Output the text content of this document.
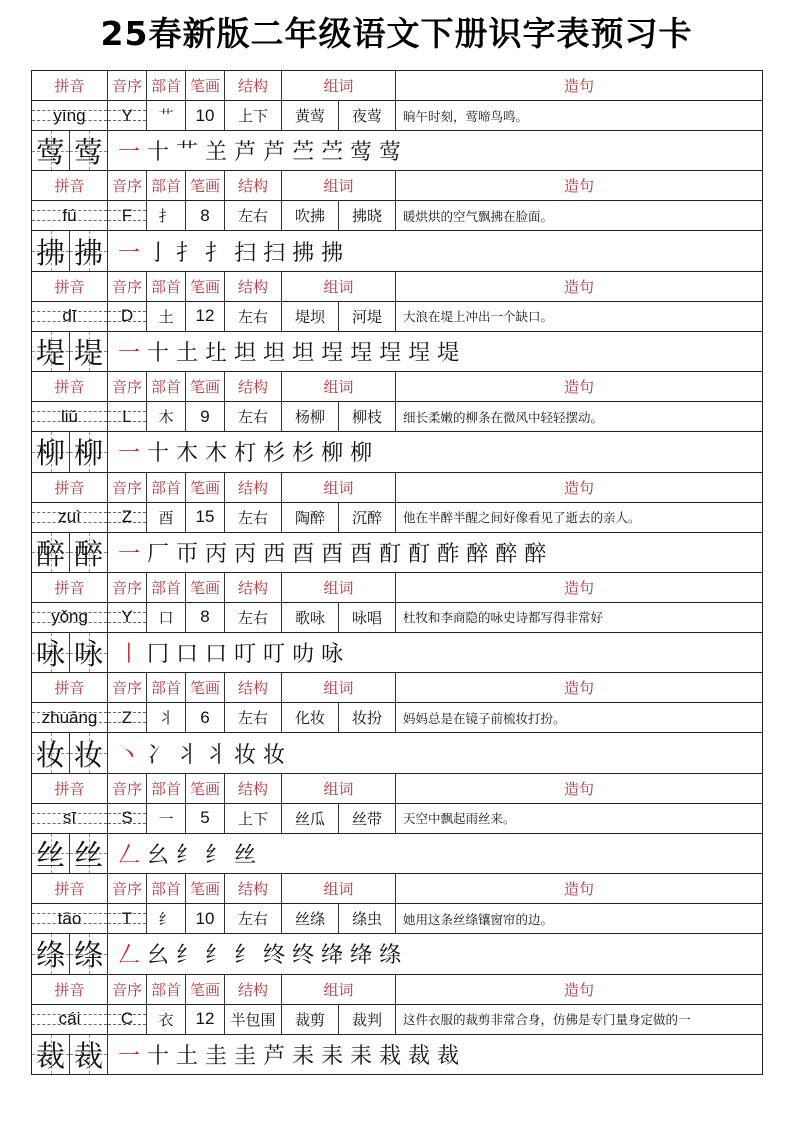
25春新版二年级语文下册识字表预习卡
拼音	音序 部首 笔画	结构	组词	造句
yīng Y	艹	10	上下	黄莺	夜莺	晌午时刻，莺啼鸟鸣。
莺 莺 一 十 艹 𦍌 芦 芦 苎 苎 莺 莺
拼音	音序 部首 笔画	结构	组词	造句
fú	F	扌	8	左右	吹拂	拂晓	暖烘烘的空气飘拂在脸面。
拂 拂 一 亅 扌 扌 扫 扫 拂 拂
拼音	音序 部首 笔画	结构	组词	造句
dī	D	土	12	左右	堤坝	河堤	大浪在堤上冲出一个缺口。
堤 堤 一 十 土 圵 坦 坦 坦 埕 埕 埕 埕 堤
拼音	音序 部首 笔画	结构	组词	造句
liǔ	L	木	9	左右	杨柳	柳枝	细长柔嫩的柳条在微风中轻轻摆动。
柳 柳 一 十 木 木 朾 杉 杉 柳 柳
拼音	音序 部首 笔画	结构	组词	造句
zuì Z	酉	15	左右	陶醉	沉醉	他在半醉半醒之间好像看见了逝去的亲人。
醉 醉 一 厂 帀 丙 丙 西 酉 酉 酉 酊 酊 酢 醉 醉 醉
拼音	音序 部首 笔画	结构	组词	造句
yǒng Y	口	8	左右	歌咏	咏唱	杜牧和李商隐的咏史诗都写得非常好
咏 咏 丨 冂 口 口 叮 叮 叻 咏
拼音	音序 部首 笔画	结构	组词	造句
zhuāng Z	丬	6	左右	化妆	妆扮	妈妈总是在镜子前梳妆打扮。
妆 妆 丶 冫 丬 丬 妆 妆
拼音	音序 部首 笔画	结构	组词	造句
sī	S	一	5	上下	丝瓜	丝带	天空中飘起雨丝来。
丝 丝 𠃋 幺 纟 纟 丝
拼音	音序 部首 笔画	结构	组词	造句
tāo T	纟	10	左右	丝绦	绦虫	她用这条丝绦镶窗帘的边。
绦 绦 𠃋 幺 纟 纟 纟 终 终 绛 绛 绦
拼音	音序 部首 笔画	结构	组词	造句
cái C	衣	12	半包围	裁剪	裁判	这件衣服的裁剪非常合身，仿佛是专门量身定做的一
裁 裁 一 十 土 圭 圭 芦 耒 耒 耒 栽 裁 裁
